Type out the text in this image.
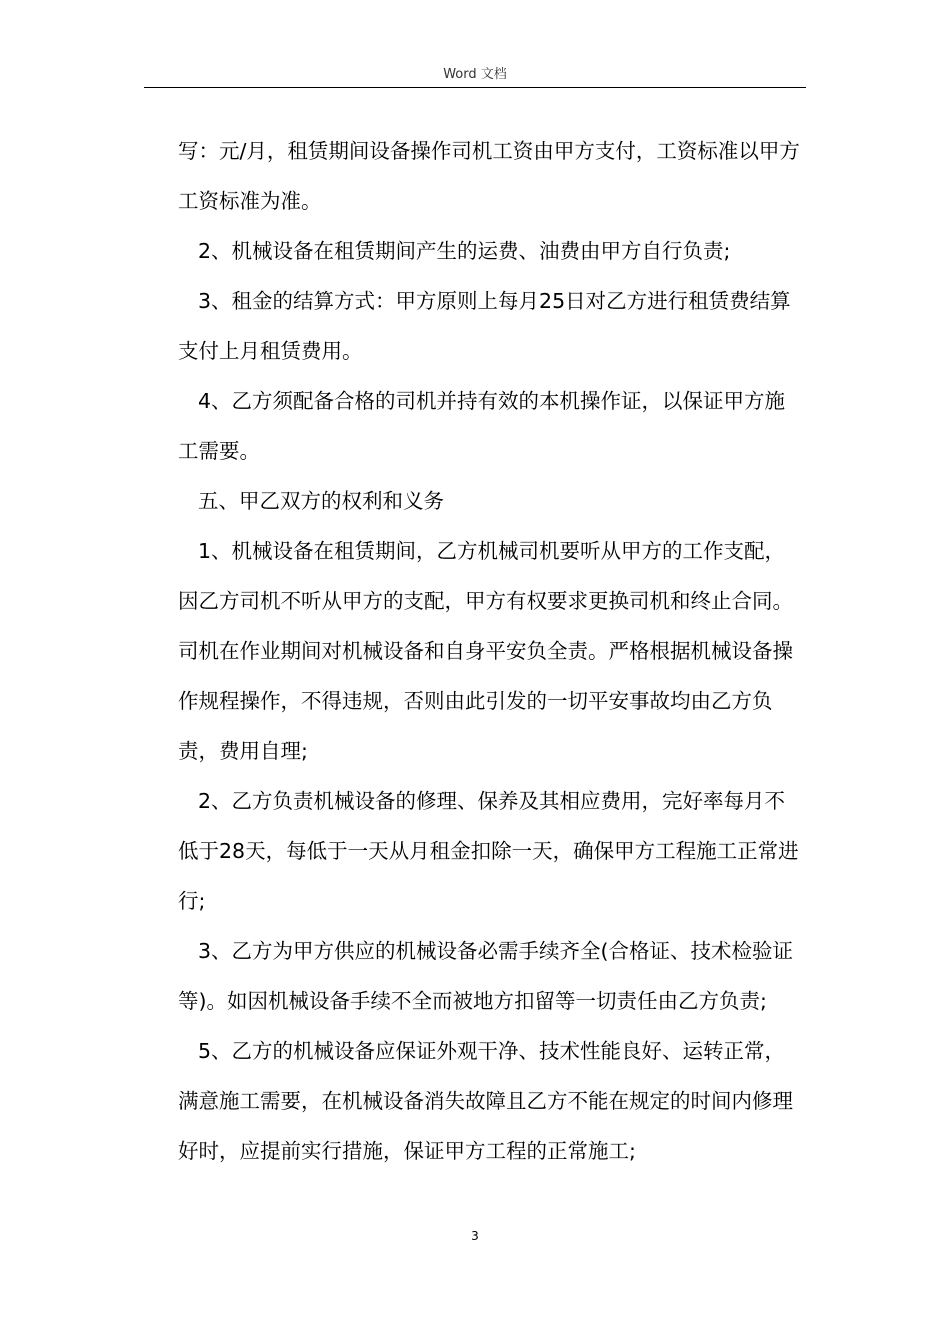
Word 文档

写：元/月，租赁期间设备操作司机工资由甲方支付，工资标准以甲方工资标准为准。

2、机械设备在租赁期间产生的运费、油费由甲方自行负责;

3、租金的结算方式：甲方原则上每月25日对乙方进行租赁费结算支付上月租赁费用。

4、乙方须配备合格的司机并持有效的本机操作证，以保证甲方施工需要。

五、甲乙双方的权利和义务

1、机械设备在租赁期间，乙方机械司机要听从甲方的工作支配，因乙方司机不听从甲方的支配，甲方有权要求更换司机和终止合同。司机在作业期间对机械设备和自身平安负全责。严格根据机械设备操作规程操作，不得违规，否则由此引发的一切平安事故均由乙方负责，费用自理;

2、乙方负责机械设备的修理、保养及其相应费用，完好率每月不低于28天，每低于一天从月租金扣除一天，确保甲方工程施工正常进行;

3、乙方为甲方供应的机械设备必需手续齐全(合格证、技术检验证等)。如因机械设备手续不全而被地方扣留等一切责任由乙方负责;

5、乙方的机械设备应保证外观干净、技术性能良好、运转正常，满意施工需要，在机械设备消失故障且乙方不能在规定的时间内修理好时，应提前实行措施，保证甲方工程的正常施工;

3
